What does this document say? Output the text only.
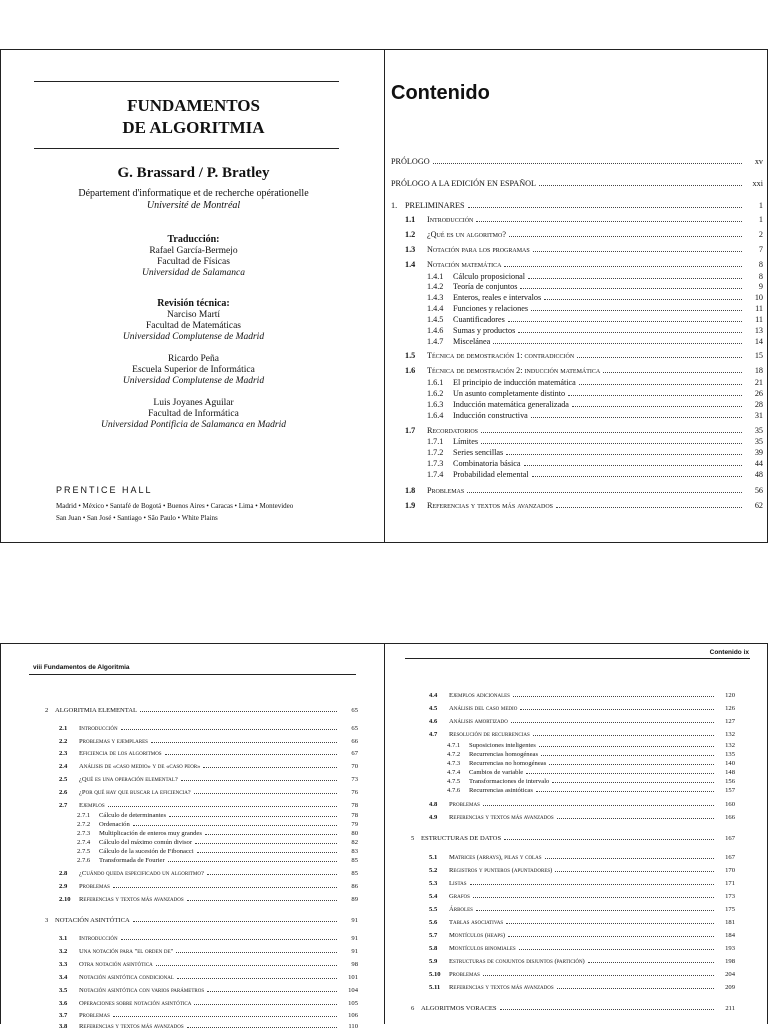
FUNDAMENTOS
DE ALGORITMIA
G. Brassard / P. Bratley
Département d'informatique et de recherche opérationelle
Université de Montréal
Traducción:
Rafael García-Bermejo
Facultad de Físicas
Universidad de Salamanca
Revisión técnica:
Narciso Martí
Facultad de Matemáticas
Universidad Complutense de Madrid
Ricardo Peña
Escuela Superior de Informática
Universidad Complutense de Madrid
Luis Joyanes Aguilar
Facultad de Informática
Universidad Pontificia de Salamanca en Madrid
PRENTICE HALL
Madrid • México • Santafé de Bogotá • Buenos Aires • Caracas • Lima • Montevideo
San Juan • San José • Santiago • São Paulo • White Plains
Contenido
PRÓLOGO	xv
PRÓLOGO A LA EDICIÓN EN ESPAÑOL	xxi
1. PRELIMINARES	1
1.1	Introducción	1
1.2	¿Qué es un algoritmo?	2
1.3	Notación para los programas	7
1.4	Notación matemática	8
1.4.1	Cálculo proposicional	8
1.4.2	Teoría de conjuntos	9
1.4.3	Enteros, reales e intervalos	10
1.4.4	Funciones y relaciones	11
1.4.5	Cuantificadores	11
1.4.6	Sumas y productos	13
1.4.7	Miscelánea	14
1.5	Técnica de demostración 1: contradicción	15
1.6	Técnica de demostración 2: inducción matemática	18
1.6.1	El principio de inducción matemática	21
1.6.2	Un asunto completamente distinto	26
1.6.3	Inducción matemática generalizada	28
1.6.4	Inducción constructiva	31
1.7	Recordatorios	35
1.7.1	Límites	35
1.7.2	Series sencillas	39
1.7.3	Combinatoria básica	44
1.7.4	Probabilidad elemental	48
1.8	Problemas	56
1.9	Referencias y textos más avanzados	62
viii Fundamentos de Algoritmia
2	ALGORITMIA ELEMENTAL	65
2.1	Introducción	65
2.2	Problemas y ejemplares	66
2.3	Eficiencia de los algoritmos	67
2.4	Análisis de «caso medio» y de «caso peor»	70
2.5	¿Qué es una operación elemental?	73
2.6	¿Por qué hay que buscar la eficiencia?	76
2.7	Ejemplos	78
2.7.1	Cálculo de determinantes	78
2.7.2	Ordenación	79
2.7.3	Multiplicación de enteros muy grandes	80
2.7.4	Cálculo del máximo común divisor	82
2.7.5	Cálculo de la sucesión de Fibonacci	83
2.7.6	Transformada de Fourier	85
2.8	¿Cuándo queda especificado un algoritmo?	85
2.9	Problemas	86
2.10	Referencias y textos más avanzados	89
3	NOTACIÓN ASINTÓTICA	91
3.1	Introducción	91
3.2	Una notación para "el orden de"	91
3.3	Otra notación asintótica	98
3.4	Notación asintótica condicional	101
3.5	Notación asintótica con varios parámetros	104
3.6	Operaciones sobre notación asintótica	105
3.7	Problemas	106
3.8	Referencias y textos más avanzados	110
Contenido ix
4.4	Ejemplos adicionales	120
4.5	Análisis del caso medio	126
4.6	Análisis amortizado	127
4.7	Resolución de recurrencias	132
4.7.1	Suposiciones inteligentes	132
4.7.2	Recurrencias homogéneas	135
4.7.3	Recurrencias no homogéneas	140
4.7.4	Cambios de variable	148
4.7.5	Transformaciones de intervalo	156
4.7.6	Recurrencias asintóticas	157
4.8	Problemas	160
4.9	Referencias y textos más avanzados	166
5	ESTRUCTURAS DE DATOS	167
5.1	Matrices (arrays), pilas y colas	167
5.2	Registros y punteros (apuntadores)	170
5.3	Listas	171
5.4	Grafos	173
5.5	Árboles	175
5.6	Tablas asociativas	181
5.7	Montículos (heaps)	184
5.8	Montículos binomiales	193
5.9	Estructuras de conjuntos disjuntos (partición)	198
5.10	Problemas	204
5.11	Referencias y textos más avanzados	209
6	ALGORITMOS VORACES	211
